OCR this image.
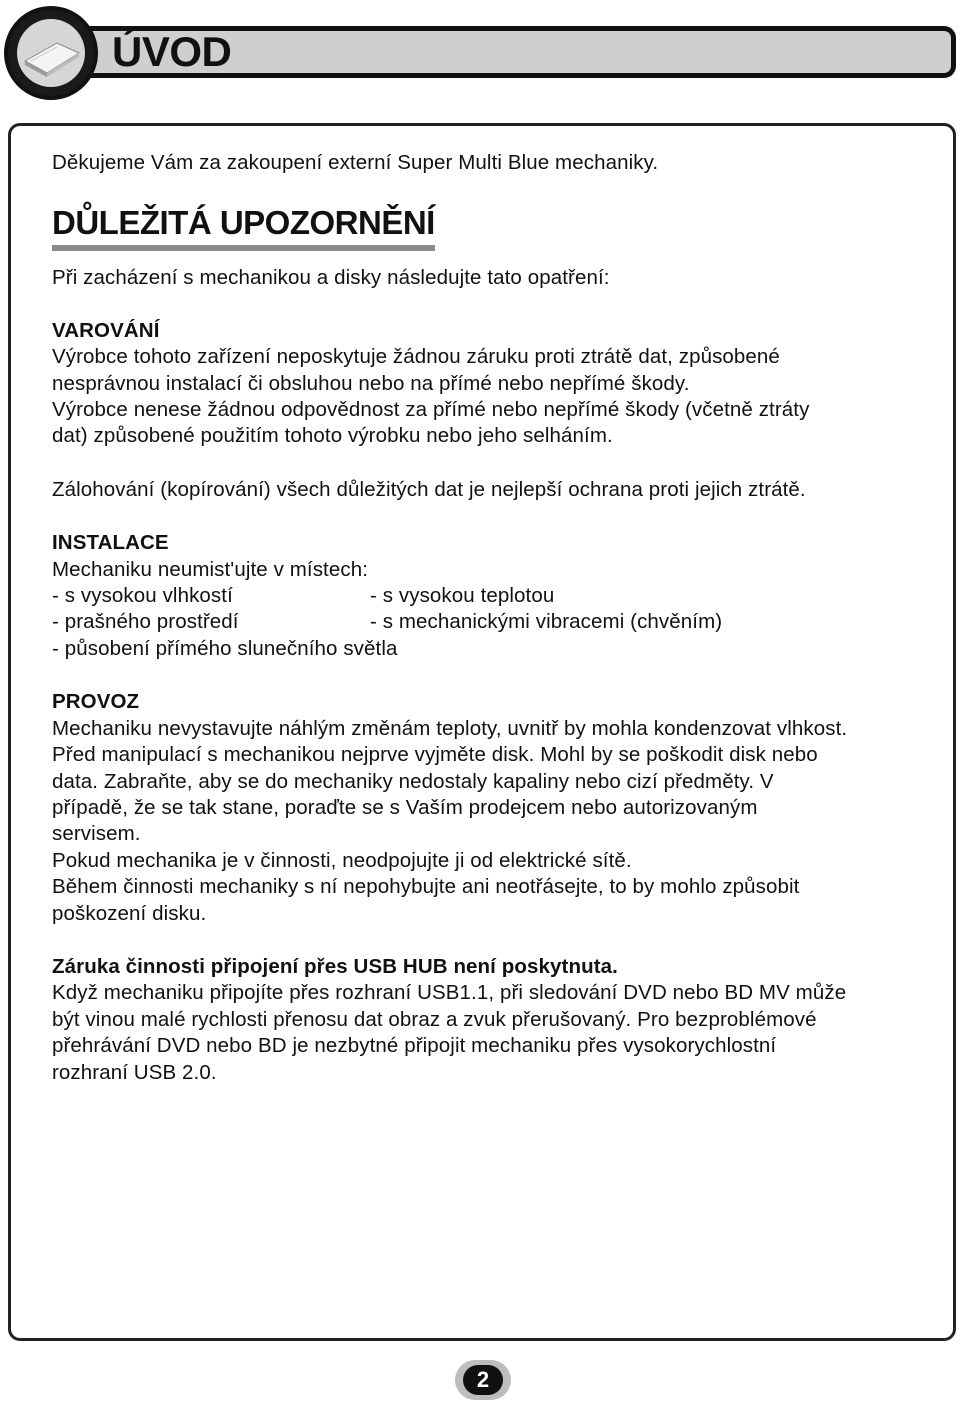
ÚVOD

Děkujeme Vám za zakoupení externí Super Multi Blue mechaniky.

DŮLEŽITÁ UPOZORNĚNÍ

Při zacházení s mechanikou a disky následujte tato opatření:

VAROVÁNÍ

Výrobce tohoto zařízení neposkytuje žádnou záruku proti ztrátě dat, způsobené

nesprávnou instalací či obsluhou nebo na přímé nebo nepřímé škody.

Výrobce nenese žádnou odpovědnost za přímé nebo nepřímé škody (včetně ztráty

dat) způsobené použitím tohoto výrobku nebo jeho selháním.

Zálohování (kopírování) všech důležitých dat je nejlepší ochrana proti jejich ztrátě.

INSTALACE

Mechaniku neumist'ujte v místech:

- s vysokou vlhkostí	- s vysokou teplotou
- prašného prostředí	- s mechanickými vibracemi (chvěním)

- působení přímého slunečního světla

PROVOZ

Mechaniku nevystavujte náhlým změnám teploty, uvnitř by mohla kondenzovat vlhkost.

Před manipulací s mechanikou nejprve vyjměte disk. Mohl by se poškodit disk nebo

data. Zabraňte, aby se do mechaniky nedostaly kapaliny nebo cizí předměty. V

případě, že se tak stane, poraďte se s Vaším prodejcem nebo autorizovaným

servisem.

Pokud mechanika je v činnosti, neodpojujte ji od elektrické sítě.

Během činnosti mechaniky s ní nepohybujte ani neotřásejte, to by mohlo způsobit

poškození disku.

Záruka činnosti připojení přes USB HUB není poskytnuta.

Když mechaniku připojíte přes rozhraní USB1.1, při sledování DVD nebo BD MV může

být vinou malé rychlosti přenosu dat obraz a zvuk přerušovaný. Pro bezproblémové

přehrávání DVD nebo BD je nezbytné připojit mechaniku přes vysokorychlostní

rozhraní USB 2.0.

2
